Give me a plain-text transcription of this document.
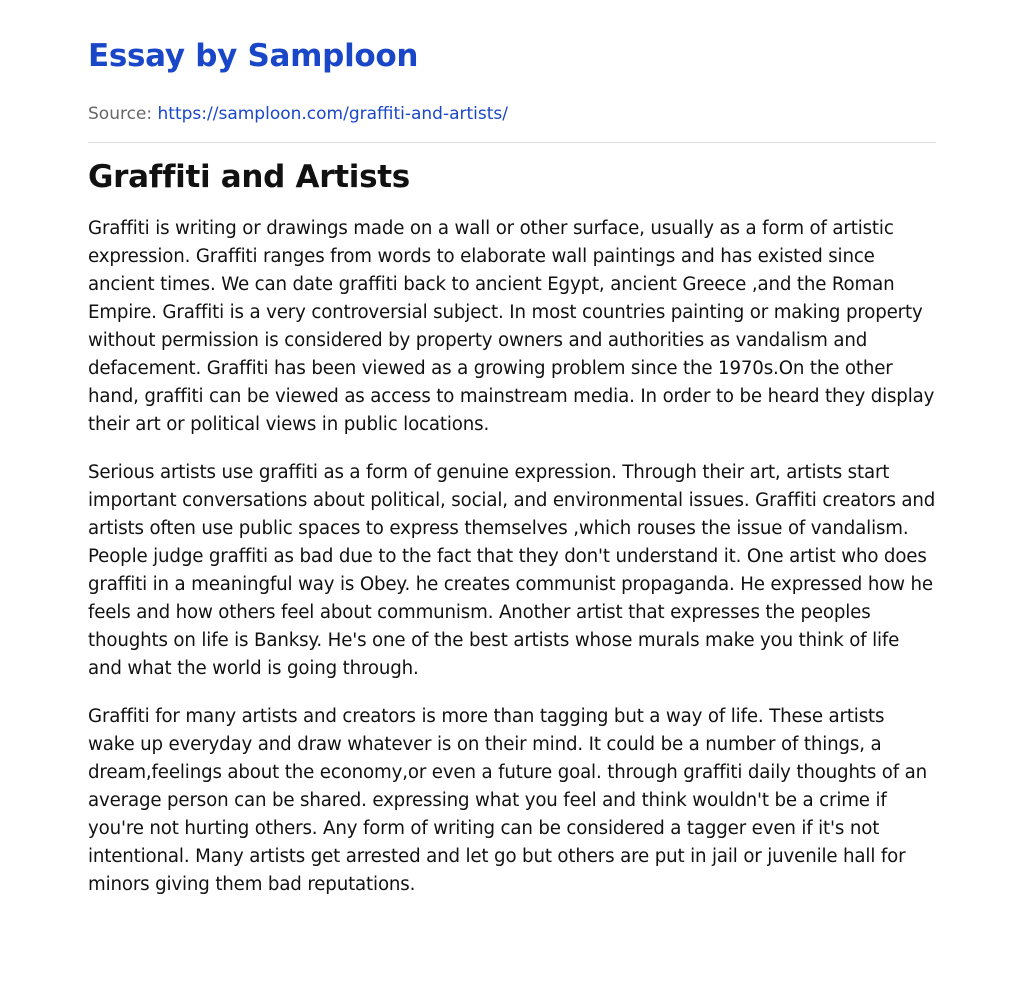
Essay by Samploon
Source: https://samploon.com/graffiti-and-artists/
Graffiti and Artists

Graffiti is writing or drawings made on a wall or other surface, usually as a form of artistic expression. Graffiti ranges from words to elaborate wall paintings and has existed since ancient times. We can date graffiti back to ancient Egypt, ancient Greece ,and the Roman Empire. Graffiti is a very controversial subject. In most countries painting or making property without permission is considered by property owners and authorities as vandalism and defacement. Graffiti has been viewed as a growing problem since the 1970s.On the other hand, graffiti can be viewed as access to mainstream media. In order to be heard they display their art or political views in public locations.

Serious artists use graffiti as a form of genuine expression. Through their art, artists start important conversations about political, social, and environmental issues. Graffiti creators and artists often use public spaces to express themselves ,which rouses the issue of vandalism. People judge graffiti as bad due to the fact that they don't understand it. One artist who does graffiti in a meaningful way is Obey. he creates communist propaganda. He expressed how he feels and how others feel about communism. Another artist that expresses the peoples thoughts on life is Banksy. He's one of the best artists whose murals make you think of life and what the world is going through.

Graffiti for many artists and creators is more than tagging but a way of life. These artists wake up everyday and draw whatever is on their mind. It could be a number of things, a dream,feelings about the economy,or even a future goal. through graffiti daily thoughts of an average person can be shared. expressing what you feel and think wouldn't be a crime if you're not hurting others. Any form of writing can be considered a tagger even if it's not intentional. Many artists get arrested and let go but others are put in jail or juvenile hall for minors giving them bad reputations.
